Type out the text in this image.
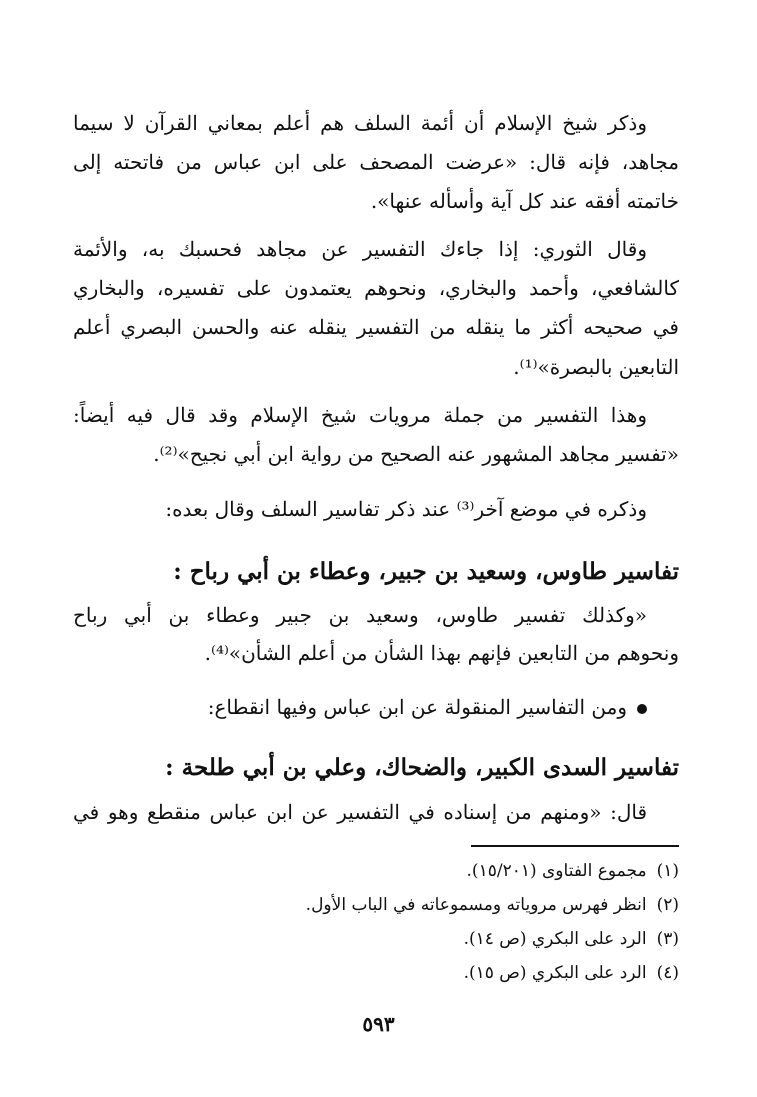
وذكر شيخ الإسلام أن أئمة السلف هم أعلم بمعاني القرآن لا سيما
مجاهد، فإنه قال: «عرضت المصحف على ابن عباس من فاتحته إلى
خاتمته أفقه عند كل آية وأسأله عنها».
وقال الثوري: إذا جاءك التفسير عن مجاهد فحسبك به، والأئمة
كالشافعي، وأحمد والبخاري، ونحوهم يعتمدون على تفسيره، والبخاري
في صحيحه أكثر ما ينقله من التفسير ينقله عنه والحسن البصري أعلم
التابعين بالبصرة»⁽¹⁾.
وهذا التفسير من جملة مرويات شيخ الإسلام وقد قال فيه أيضاً:
«تفسير مجاهد المشهور عنه الصحيح من رواية ابن أبي نجيح»⁽²⁾.
وذكره في موضع آخر⁽³⁾ عند ذكر تفاسير السلف وقال بعده:
تفاسير طاوس، وسعيد بن جبير، وعطاء بن أبي رباح :
«وكذلك تفسير طاوس، وسعيد بن جبير وعطاء بن أبي رباح
ونحوهم من التابعين فإنهم بهذا الشأن من أعلم الشأن»⁽⁴⁾.
ومن التفاسير المنقولة عن ابن عباس وفيها انقطاع:
تفاسير السدى الكبير، والضحاك، وعلي بن أبي طلحة :
قال: «ومنهم من إسناده في التفسير عن ابن عباس منقطع وهو في
(١)مجموع الفتاوى (١٥/٢٠١).
(٢)انظر فهرس مروياته ومسموعاته في الباب الأول.
(٣)الرد على البكري (ص ١٤).
(٤)الرد على البكري (ص ١٥).
٥٩٣
